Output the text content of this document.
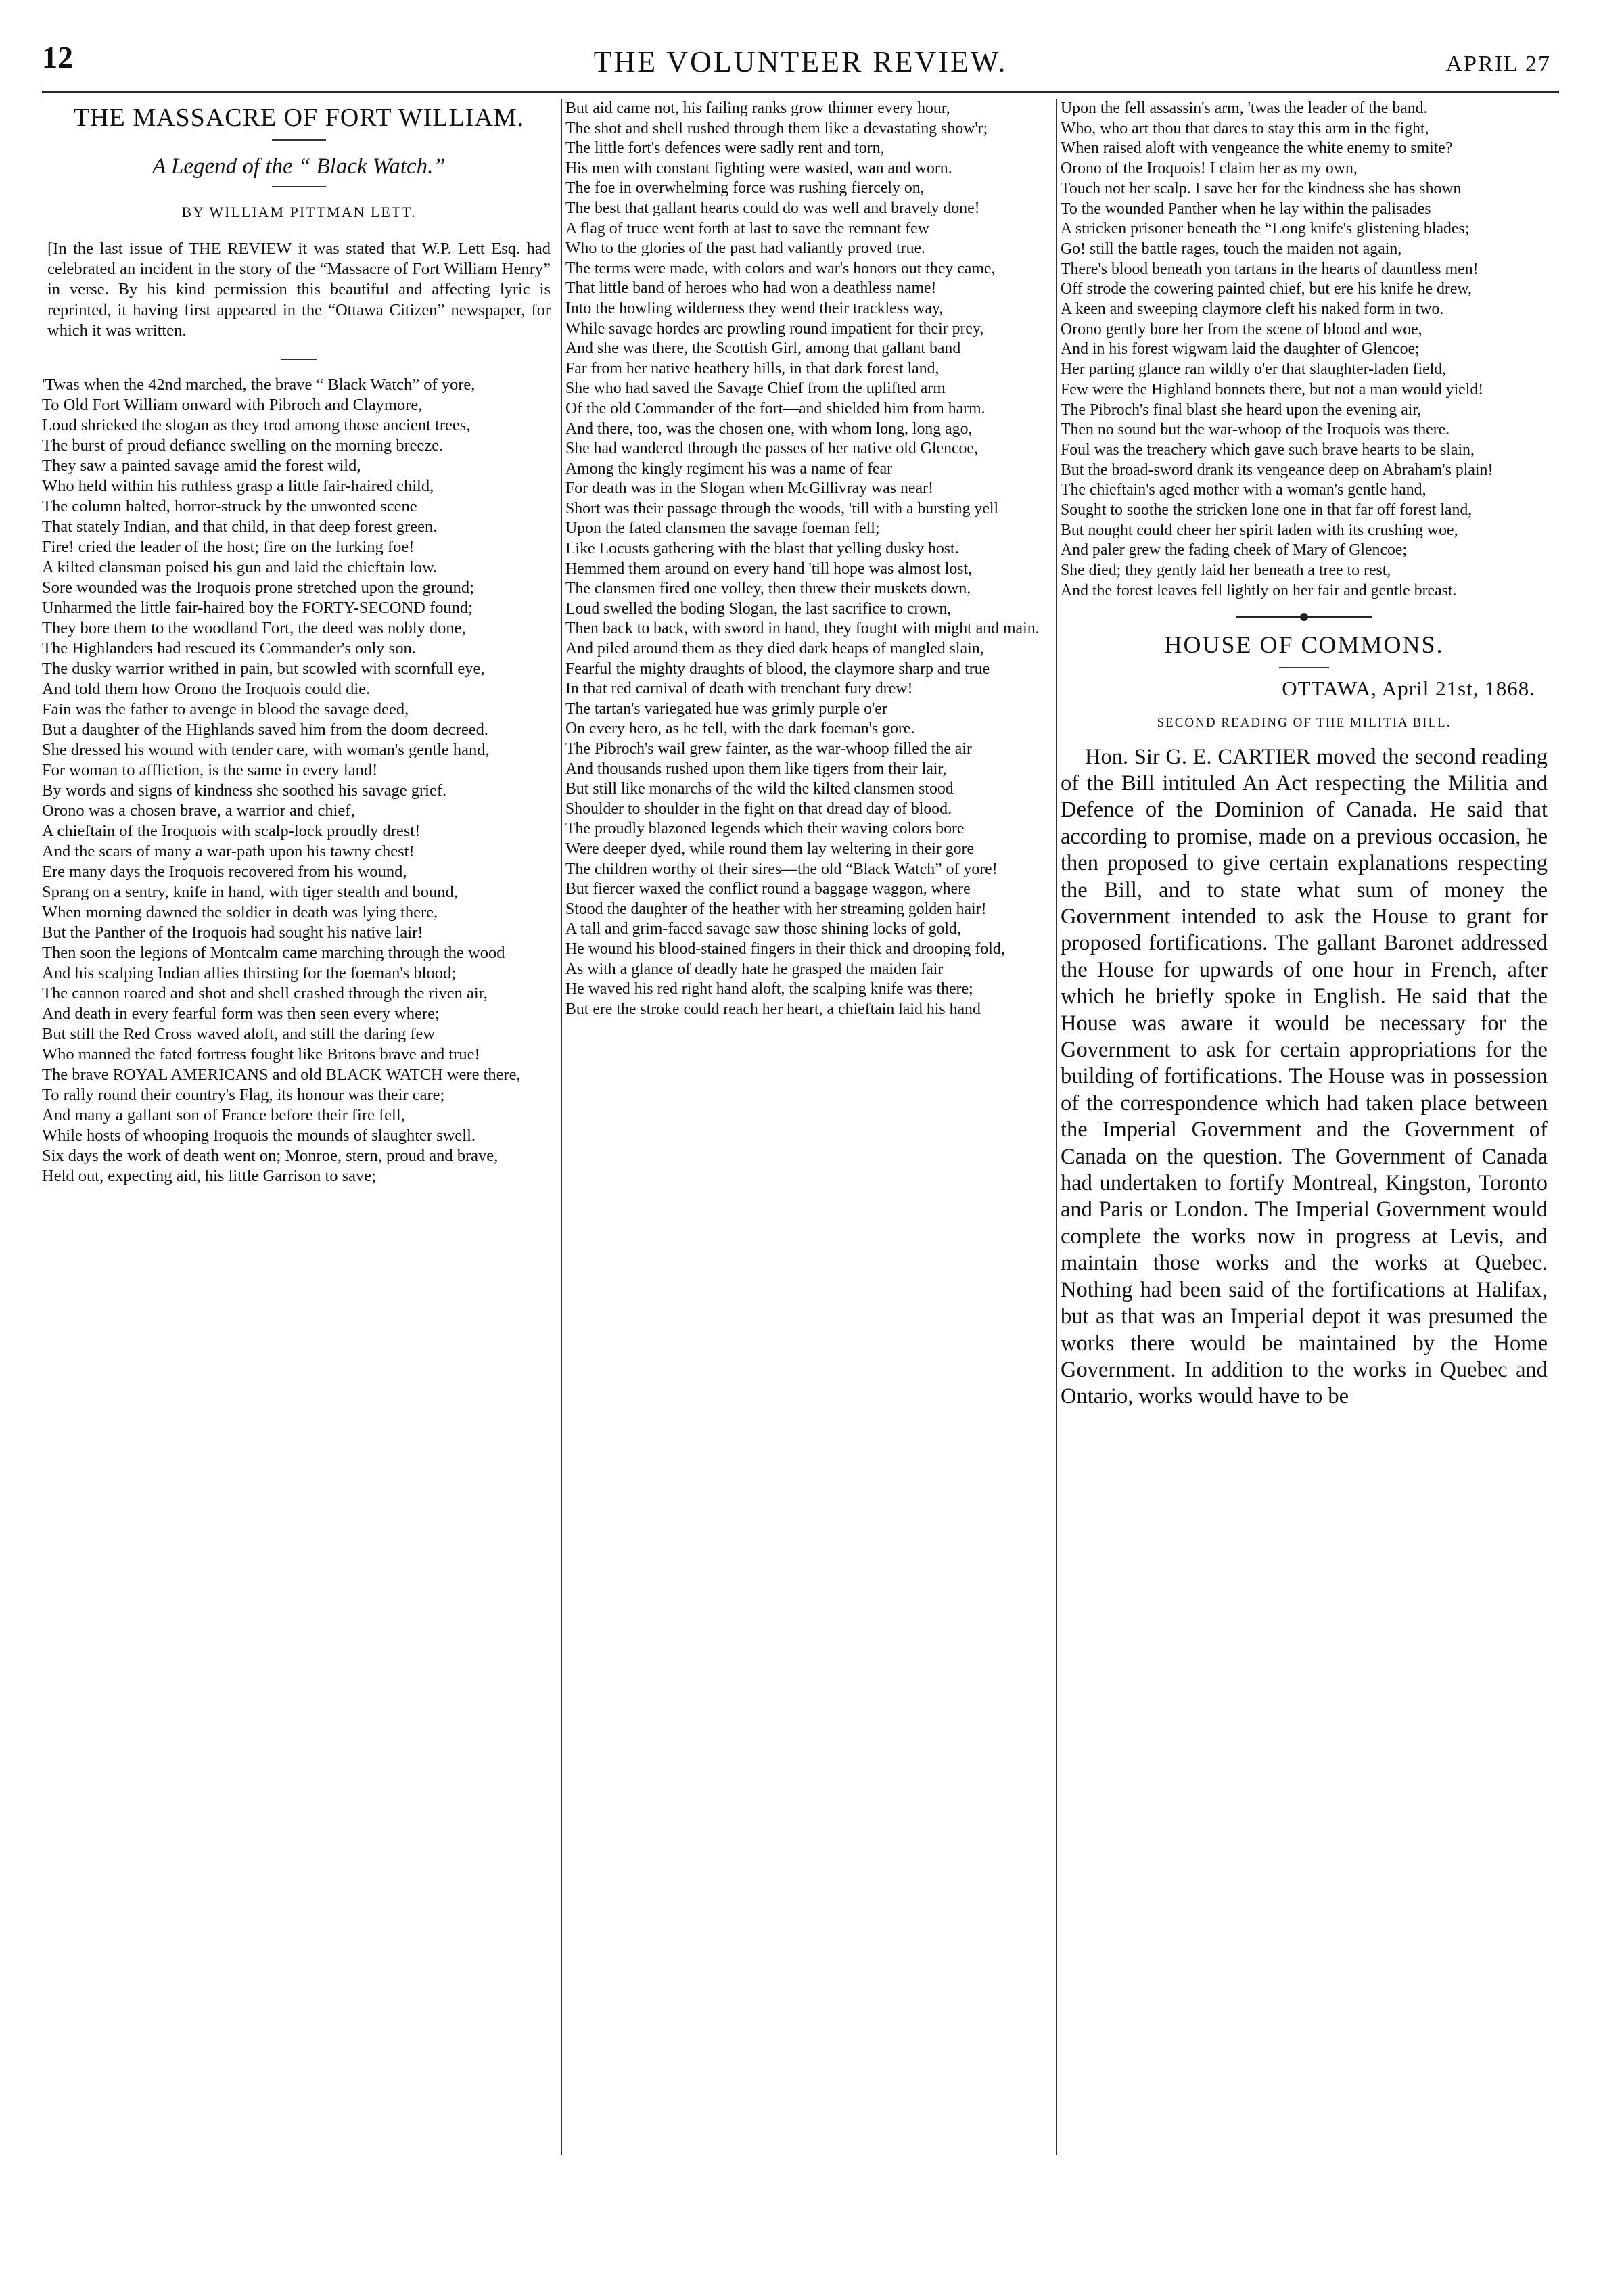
12	THE VOLUNTEER REVIEW.	APRIL 27
THE MASSACRE OF FORT WILLIAM.
A Legend of the “ Black Watch.”
BY WILLIAM PITTMAN LETT.

[In the last issue of THE REVIEW it was stated that W.P. Lett Esq. had celebrated an incident in the story of the “Massacre of Fort William Henry” in verse. By his kind permission this beautiful and affecting lyric is reprinted, it having first appeared in the “Ottawa Citizen” newspaper, for which it was written.

'Twas when the 42nd marched, the brave “ Black Watch” of yore,
To Old Fort William onward with Pibroch and Claymore,
Loud shrieked the slogan as they trod among those ancient trees,
The burst of proud defiance swelling on the morning breeze.
They saw a painted savage amid the forest wild,
Who held within his ruthless grasp a little fair-haired child,
The column halted, horror-struck by the unwonted scene
That stately Indian, and that child, in that deep forest green.
Fire! cried the leader of the host; fire on the lurking foe!
A kilted clansman poised his gun and laid the chieftain low.
Sore wounded was the Iroquois prone stretched upon the ground;
Unharmed the little fair-haired boy the FORTY-SECOND found;
They bore them to the woodland Fort, the deed was nobly done,
The Highlanders had rescued its Commander's only son.
The dusky warrior writhed in pain, but scowled with scornfull eye,
And told them how Orono the Iroquois could die.
Fain was the father to avenge in blood the savage deed,
But a daughter of the Highlands saved him from the doom decreed.
She dressed his wound with tender care, with woman's gentle hand,
For woman to affliction, is the same in every land!
By words and signs of kindness she soothed his savage grief.
Orono was a chosen brave, a warrior and chief,
A chieftain of the Iroquois with scalp-lock proudly drest!
And the scars of many a war-path upon his tawny chest!
Ere many days the Iroquois recovered from his wound,
Sprang on a sentry, knife in hand, with tiger stealth and bound,
When morning dawned the soldier in death was lying there,
But the Panther of the Iroquois had sought his native lair!
Then soon the legions of Montcalm came marching through the wood
And his scalping Indian allies thirsting for the foeman's blood;
The cannon roared and shot and shell crashed through the riven air,
And death in every fearful form was then seen every where;
But still the Red Cross waved aloft, and still the daring few
Who manned the fated fortress fought like Britons brave and true!
The brave ROYAL AMERICANS and old BLACK WATCH were there,
To rally round their country's Flag, its honour was their care;
And many a gallant son of France before their fire fell,
While hosts of whooping Iroquois the mounds of slaughter swell.
Six days the work of death went on; Monroe, stern, proud and brave,
Held out, expecting aid, his little Garrison to save;
But aid came not, his failing ranks grow thinner every hour,
The shot and shell rushed through them like a devastating show'r;
The little fort's defences were sadly rent and torn,
His men with constant fighting were wasted, wan and worn.
The foe in overwhelming force was rushing fiercely on,
The best that gallant hearts could do was well and bravely done!
A flag of truce went forth at last to save the remnant few
Who to the glories of the past had valiantly proved true.
The terms were made, with colors and war's honors out they came,
That little band of heroes who had won a deathless name!
Into the howling wilderness they wend their trackless way,
While savage hordes are prowling round impatient for their prey,
And she was there, the Scottish Girl, among that gallant band
Far from her native heathery hills, in that dark forest land,
She who had saved the Savage Chief from the uplifted arm
Of the old Commander of the fort—and shielded him from harm.
And there, too, was the chosen one, with whom long, long ago,
She had wandered through the passes of her native old Glencoe,
Among the kingly regiment his was a name of fear
For death was in the Slogan when McGillivray was near!
Short was their passage through the woods, 'till with a bursting yell
Upon the fated clansmen the savage foeman fell;
Like Locusts gathering with the blast that yelling dusky host.
Hemmed them around on every hand 'till hope was almost lost,
The clansmen fired one volley, then threw their muskets down,
Loud swelled the boding Slogan, the last sacrifice to crown,
Then back to back, with sword in hand, they fought with might and main.
And piled around them as they died dark heaps of mangled slain,
Fearful the mighty draughts of blood, the claymore sharp and true
In that red carnival of death with trenchant fury drew!
The tartan's variegated hue was grimly purple o'er
On every hero, as he fell, with the dark foeman's gore.
The Pibroch's wail grew fainter, as the war-whoop filled the air
And thousands rushed upon them like tigers from their lair,
But still like monarchs of the wild the kilted clansmen stood
Shoulder to shoulder in the fight on that dread day of blood.
The proudly blazoned legends which their waving colors bore
Were deeper dyed, while round them lay weltering in their gore
The children worthy of their sires—the old “Black Watch” of yore!
But fiercer waxed the conflict round a baggage waggon, where
Stood the daughter of the heather with her streaming golden hair!
A tall and grim-faced savage saw those shining locks of gold,
He wound his blood-stained fingers in their thick and drooping fold,
As with a glance of deadly hate he grasped the maiden fair
He waved his red right hand aloft, the scalping knife was there;
But ere the stroke could reach her heart, a chieftain laid his hand
Upon the fell assassin's arm, 'twas the leader of the band.
Who, who art thou that dares to stay this arm in the fight,
When raised aloft with vengeance the white enemy to smite?
Orono of the Iroquois! I claim her as my own,
Touch not her scalp. I save her for the kindness she has shown
To the wounded Panther when he lay within the palisades
A stricken prisoner beneath the “Long knife's glistening blades;
Go! still the battle rages, touch the maiden not again,
There's blood beneath yon tartans in the hearts of dauntless men!
Off strode the cowering painted chief, but ere his knife he drew,
A keen and sweeping claymore cleft his naked form in two.
Orono gently bore her from the scene of blood and woe,
And in his forest wigwam laid the daughter of Glencoe;
Her parting glance ran wildly o'er that slaughter-laden field,
Few were the Highland bonnets there, but not a man would yield!
The Pibroch's final blast she heard upon the evening air,
Then no sound but the war-whoop of the Iroquois was there.
Foul was the treachery which gave such brave hearts to be slain,
But the broad-sword drank its vengeance deep on Abraham's plain!
The chieftain's aged mother with a woman's gentle hand,
Sought to soothe the stricken lone one in that far off forest land,
But nought could cheer her spirit laden with its crushing woe,
And paler grew the fading cheek of Mary of Glencoe;
She died; they gently laid her beneath a tree to rest,
And the forest leaves fell lightly on her fair and gentle breast.
HOUSE OF COMMONS.
OTTAWA, April 21st, 1868.
SECOND READING OF THE MILITIA BILL.

Hon. Sir G. E. CARTIER moved the second reading of the Bill intituled An Act respecting the Militia and Defence of the Dominion of Canada. He said that according to promise, made on a previous occasion, he then proposed to give certain explanations respecting the Bill, and to state what sum of money the Government intended to ask the House to grant for proposed fortifications. The gallant Baronet addressed the House for upwards of one hour in French, after which he briefly spoke in English. He said that the House was aware it would be necessary for the Government to ask for certain appropriations for the building of fortifications. The House was in possession of the correspondence which had taken place between the Imperial Government and the Government of Canada on the question. The Government of Canada had undertaken to fortify Montreal, Kingston, Toronto and Paris or London. The Imperial Government would complete the works now in progress at Levis, and maintain those works and the works at Quebec. Nothing had been said of the fortifications at Halifax, but as that was an Imperial depot it was presumed the works there would be maintained by the Home Government. In addition to the works in Quebec and Ontario, works would have to be
